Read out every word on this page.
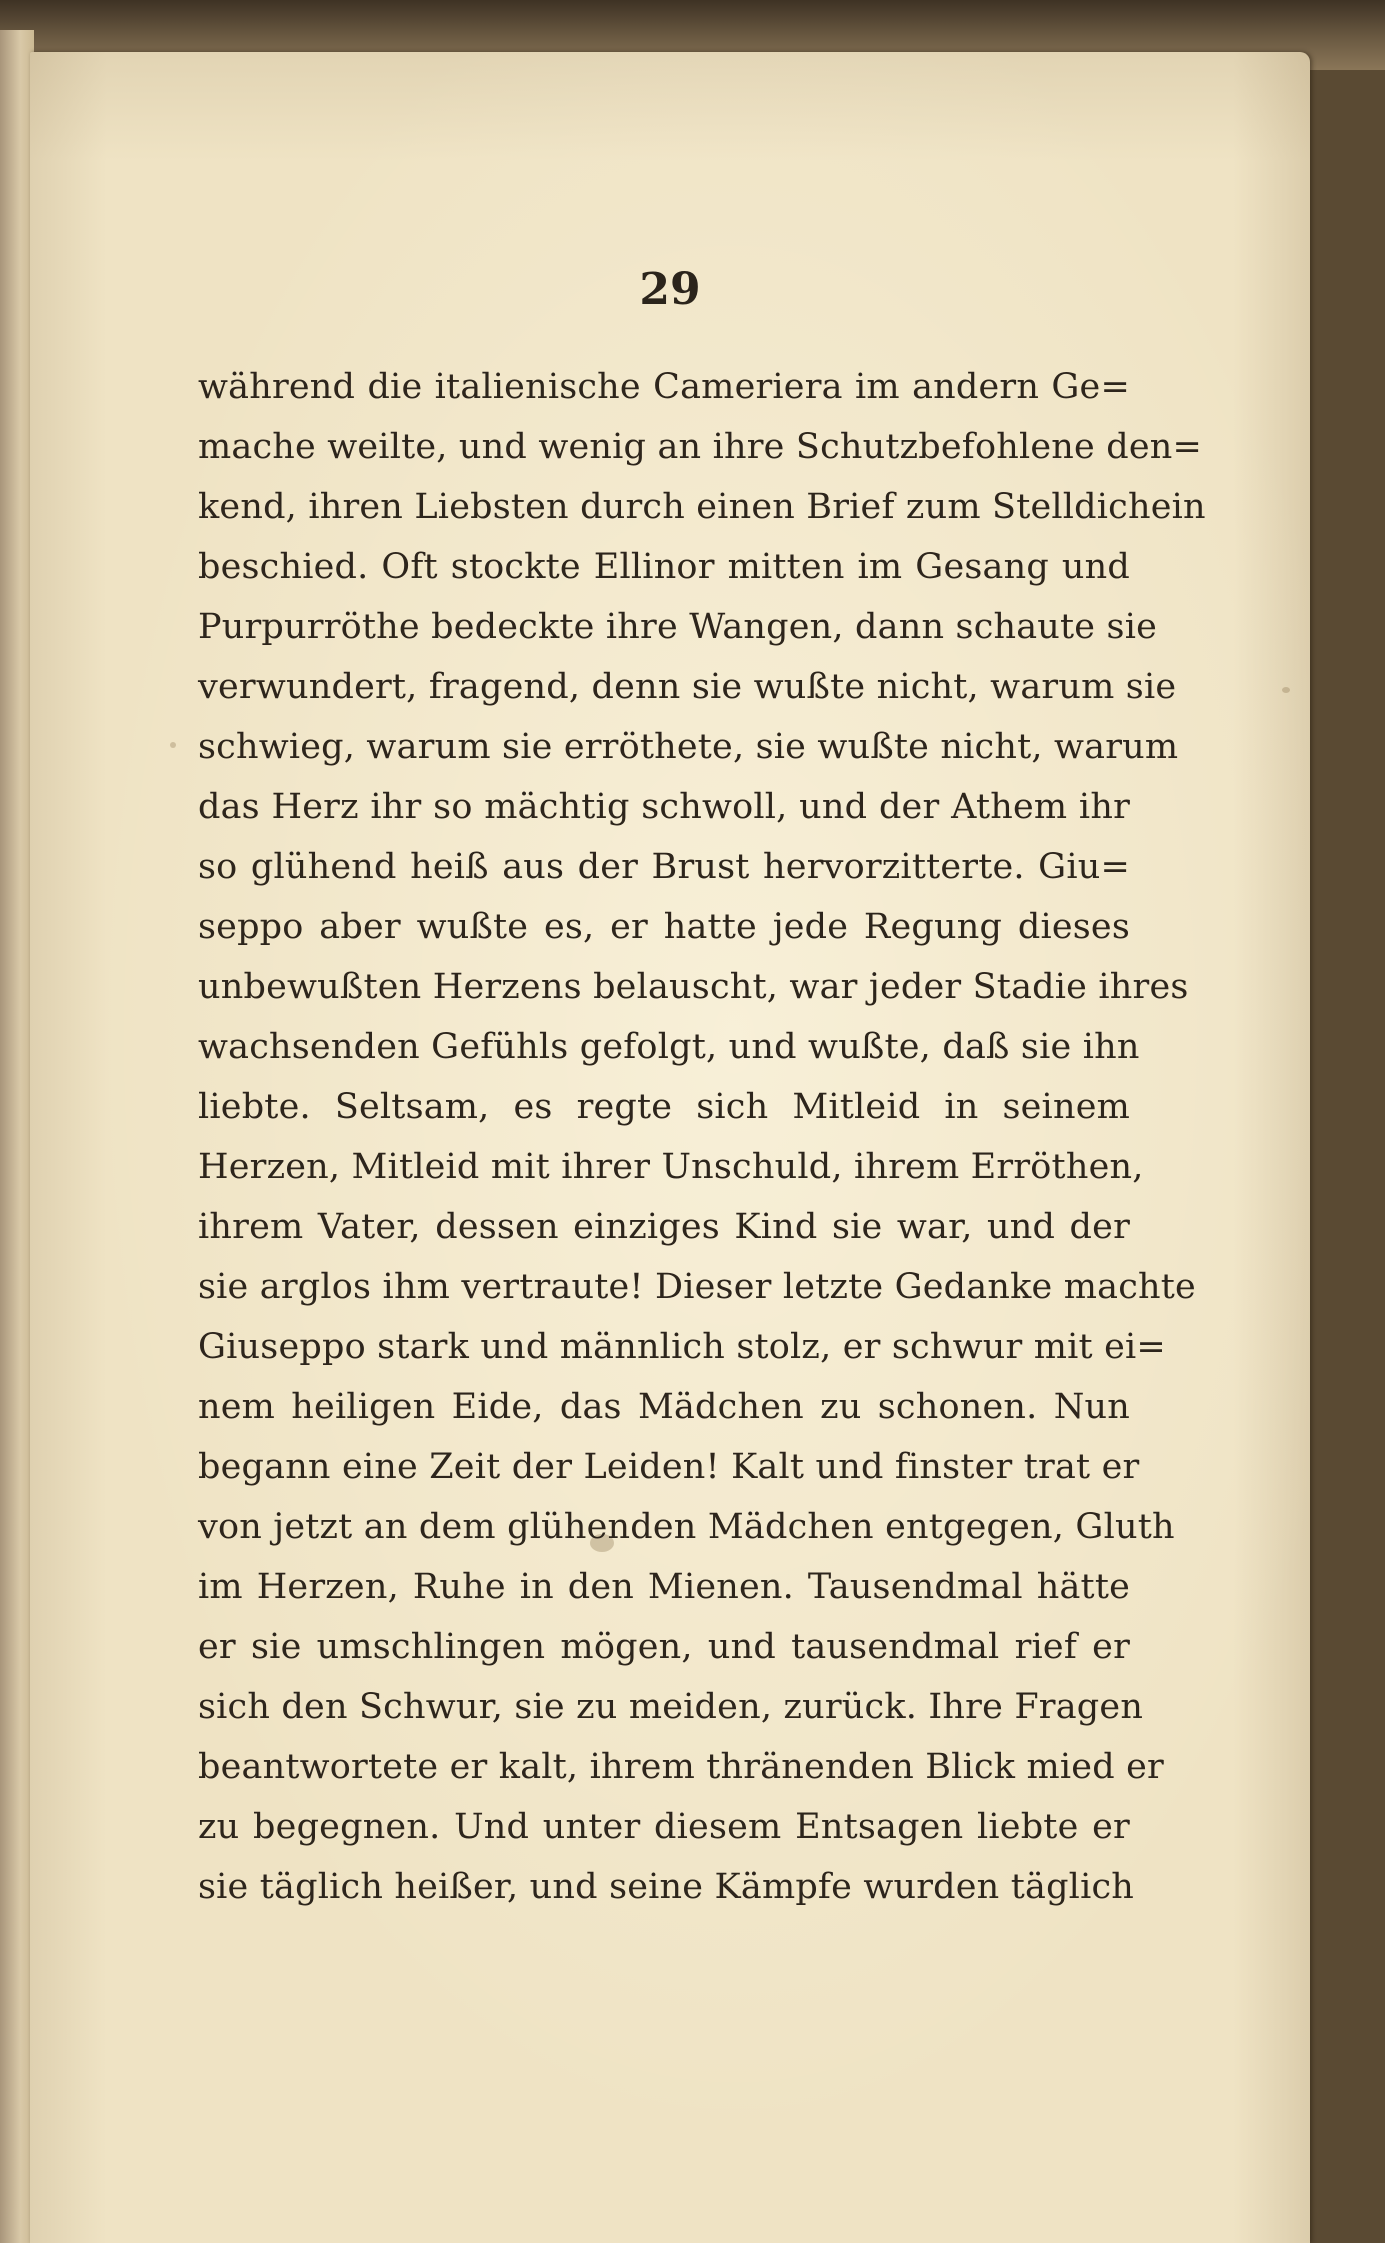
29
während die italienische Cameriera im andern Ge=
mache weilte, und wenig an ihre Schutzbefohlene den=
kend, ihren Liebsten durch einen Brief zum Stelldichein
beschied. Oft stockte Ellinor mitten im Gesang und
Purpurröthe bedeckte ihre Wangen, dann schaute sie
verwundert, fragend, denn sie wußte nicht, warum sie
schwieg, warum sie erröthete, sie wußte nicht, warum
das Herz ihr so mächtig schwoll, und der Athem ihr
so glühend heiß aus der Brust hervorzitterte. Giu=
seppo aber wußte es, er hatte jede Regung dieses
unbewußten Herzens belauscht, war jeder Stadie ihres
wachsenden Gefühls gefolgt, und wußte, daß sie ihn
liebte. Seltsam, es regte sich Mitleid in seinem
Herzen, Mitleid mit ihrer Unschuld, ihrem Erröthen,
ihrem Vater, dessen einziges Kind sie war, und der
sie arglos ihm vertraute! Dieser letzte Gedanke machte
Giuseppo stark und männlich stolz, er schwur mit ei=
nem heiligen Eide, das Mädchen zu schonen. Nun
begann eine Zeit der Leiden! Kalt und finster trat er
von jetzt an dem glühenden Mädchen entgegen, Gluth
im Herzen, Ruhe in den Mienen. Tausendmal hätte
er sie umschlingen mögen, und tausendmal rief er
sich den Schwur, sie zu meiden, zurück. Ihre Fragen
beantwortete er kalt, ihrem thränenden Blick mied er
zu begegnen. Und unter diesem Entsagen liebte er
sie täglich heißer, und seine Kämpfe wurden täglich
